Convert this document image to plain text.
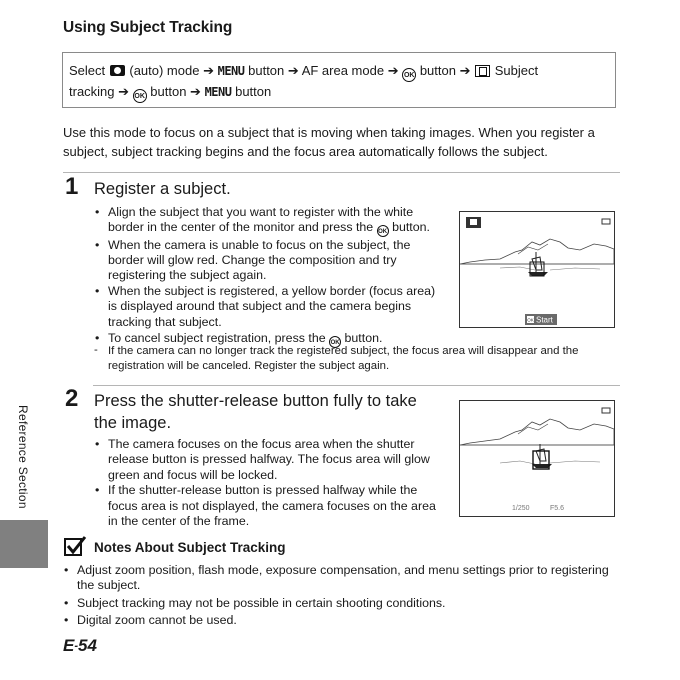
Using Subject Tracking
Select  (auto) mode ➔ MENU button ➔ AF area mode ➔ OK button ➔  Subject
tracking ➔ OK button ➔ MENU button
Use this mode to focus on a subject that is moving when taking images. When you register a subject, subject tracking begins and the focus area automatically follows the subject.
1 Register a subject.
• Align the subject that you want to register with the white border in the center of the monitor and press the OK button.
• When the camera is unable to focus on the subject, the border will glow red. Change the composition and try registering the subject again.
• When the subject is registered, a yellow border (focus area) is displayed around that subject and the camera begins tracking that subject.
• To cancel subject registration, press the OK button.
- If the camera can no longer track the registered subject, the focus area will disappear and the registration will be canceled. Register the subject again.
OK Start
2 Press the shutter-release button fully to take the image.
• The camera focuses on the focus area when the shutter release button is pressed halfway. The focus area will glow green and focus will be locked.
• If the shutter-release button is pressed halfway while the focus area is not displayed, the camera focuses on the area in the center of the frame.
1/250	F5.6
Notes About Subject Tracking
• Adjust zoom position, flash mode, exposure compensation, and menu settings prior to registering the subject.
• Subject tracking may not be possible in certain shooting conditions.
• Digital zoom cannot be used.
Reference Section
E-54
